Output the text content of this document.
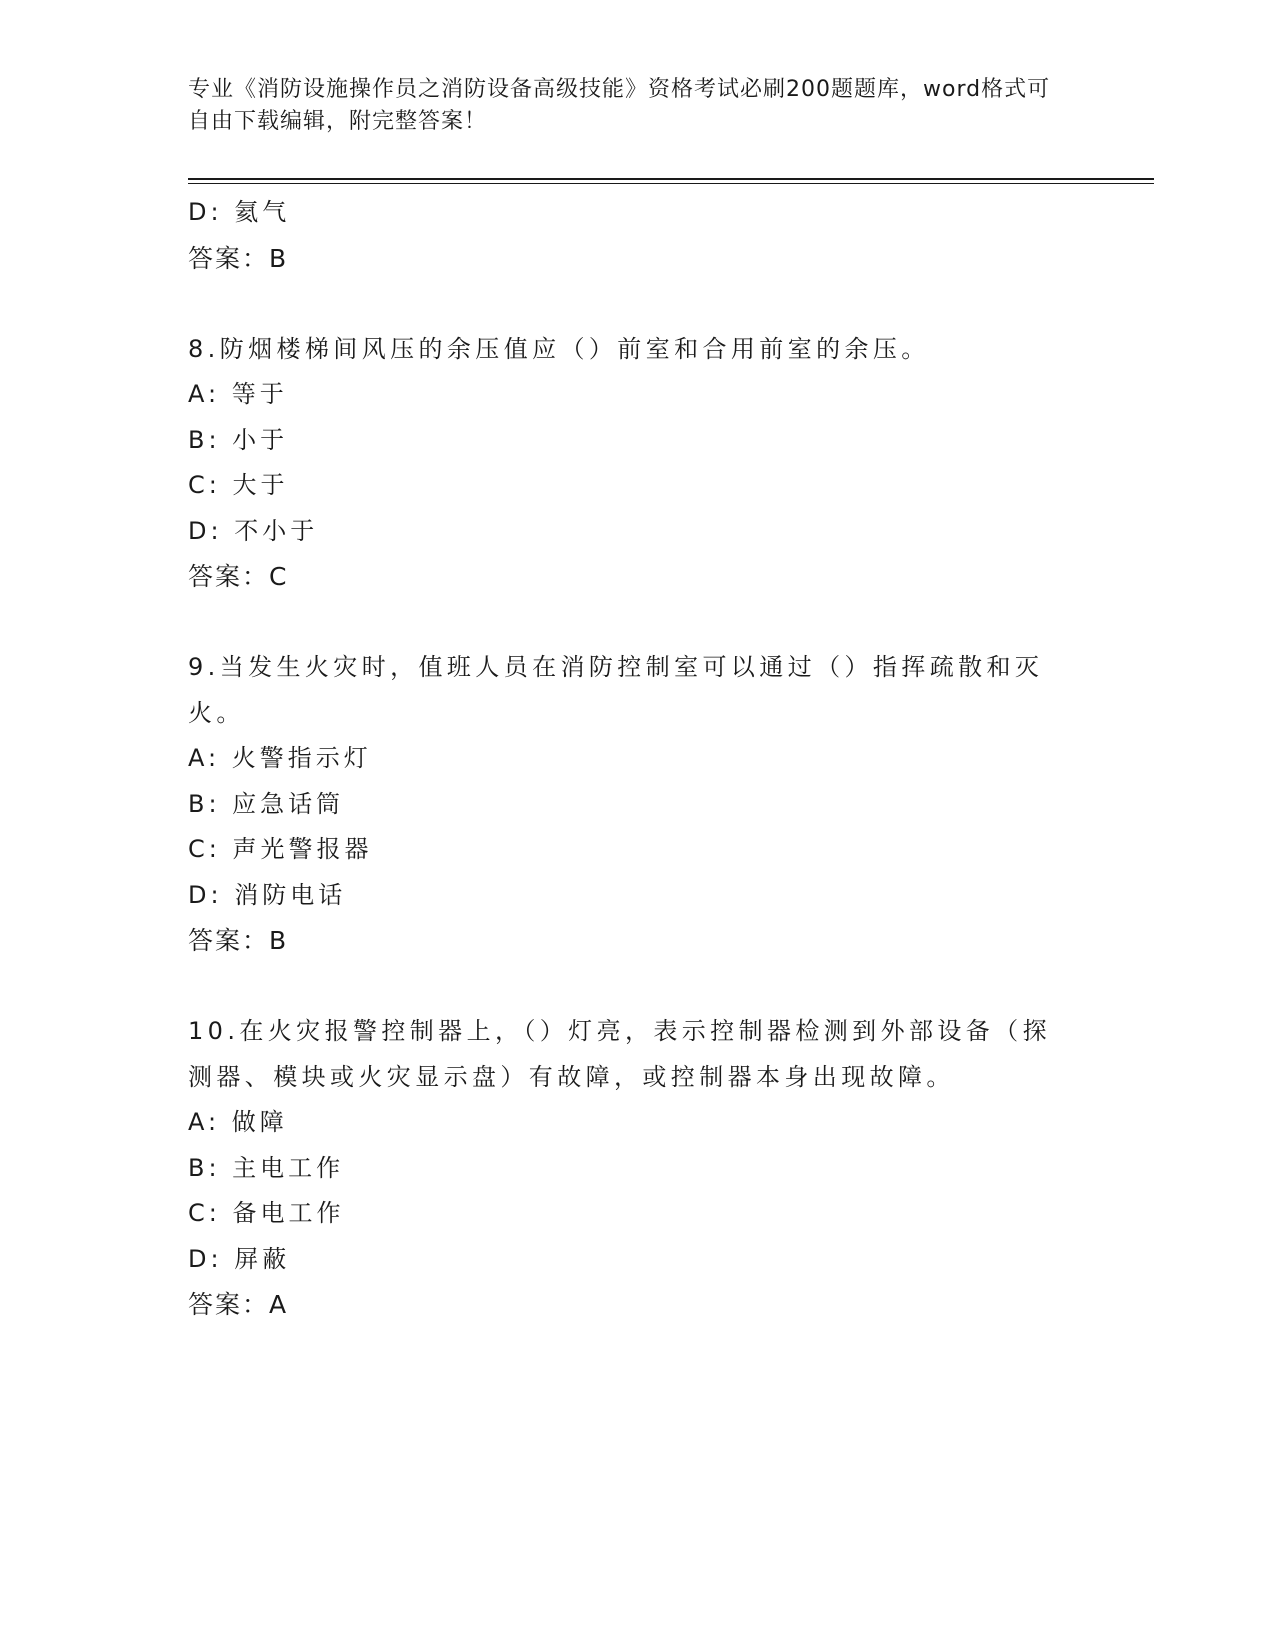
专业《消防设施操作员之消防设备高级技能》资格考试必刷200题题库，word格式可自由下载编辑，附完整答案！
D: 氦气
答案：B
8.防烟楼梯间风压的余压值应（）前室和合用前室的余压。
A: 等于
B: 小于
C: 大于
D: 不小于
答案：C
9.当发生火灾时，值班人员在消防控制室可以通过（）指挥疏散和灭火。
A: 火警指示灯
B: 应急话筒
C: 声光警报器
D: 消防电话
答案：B
10.在火灾报警控制器上，（）灯亮，表示控制器检测到外部设备（探测器、模块或火灾显示盘）有故障，或控制器本身出现故障。
A: 做障
B: 主电工作
C: 备电工作
D: 屏蔽
答案：A
